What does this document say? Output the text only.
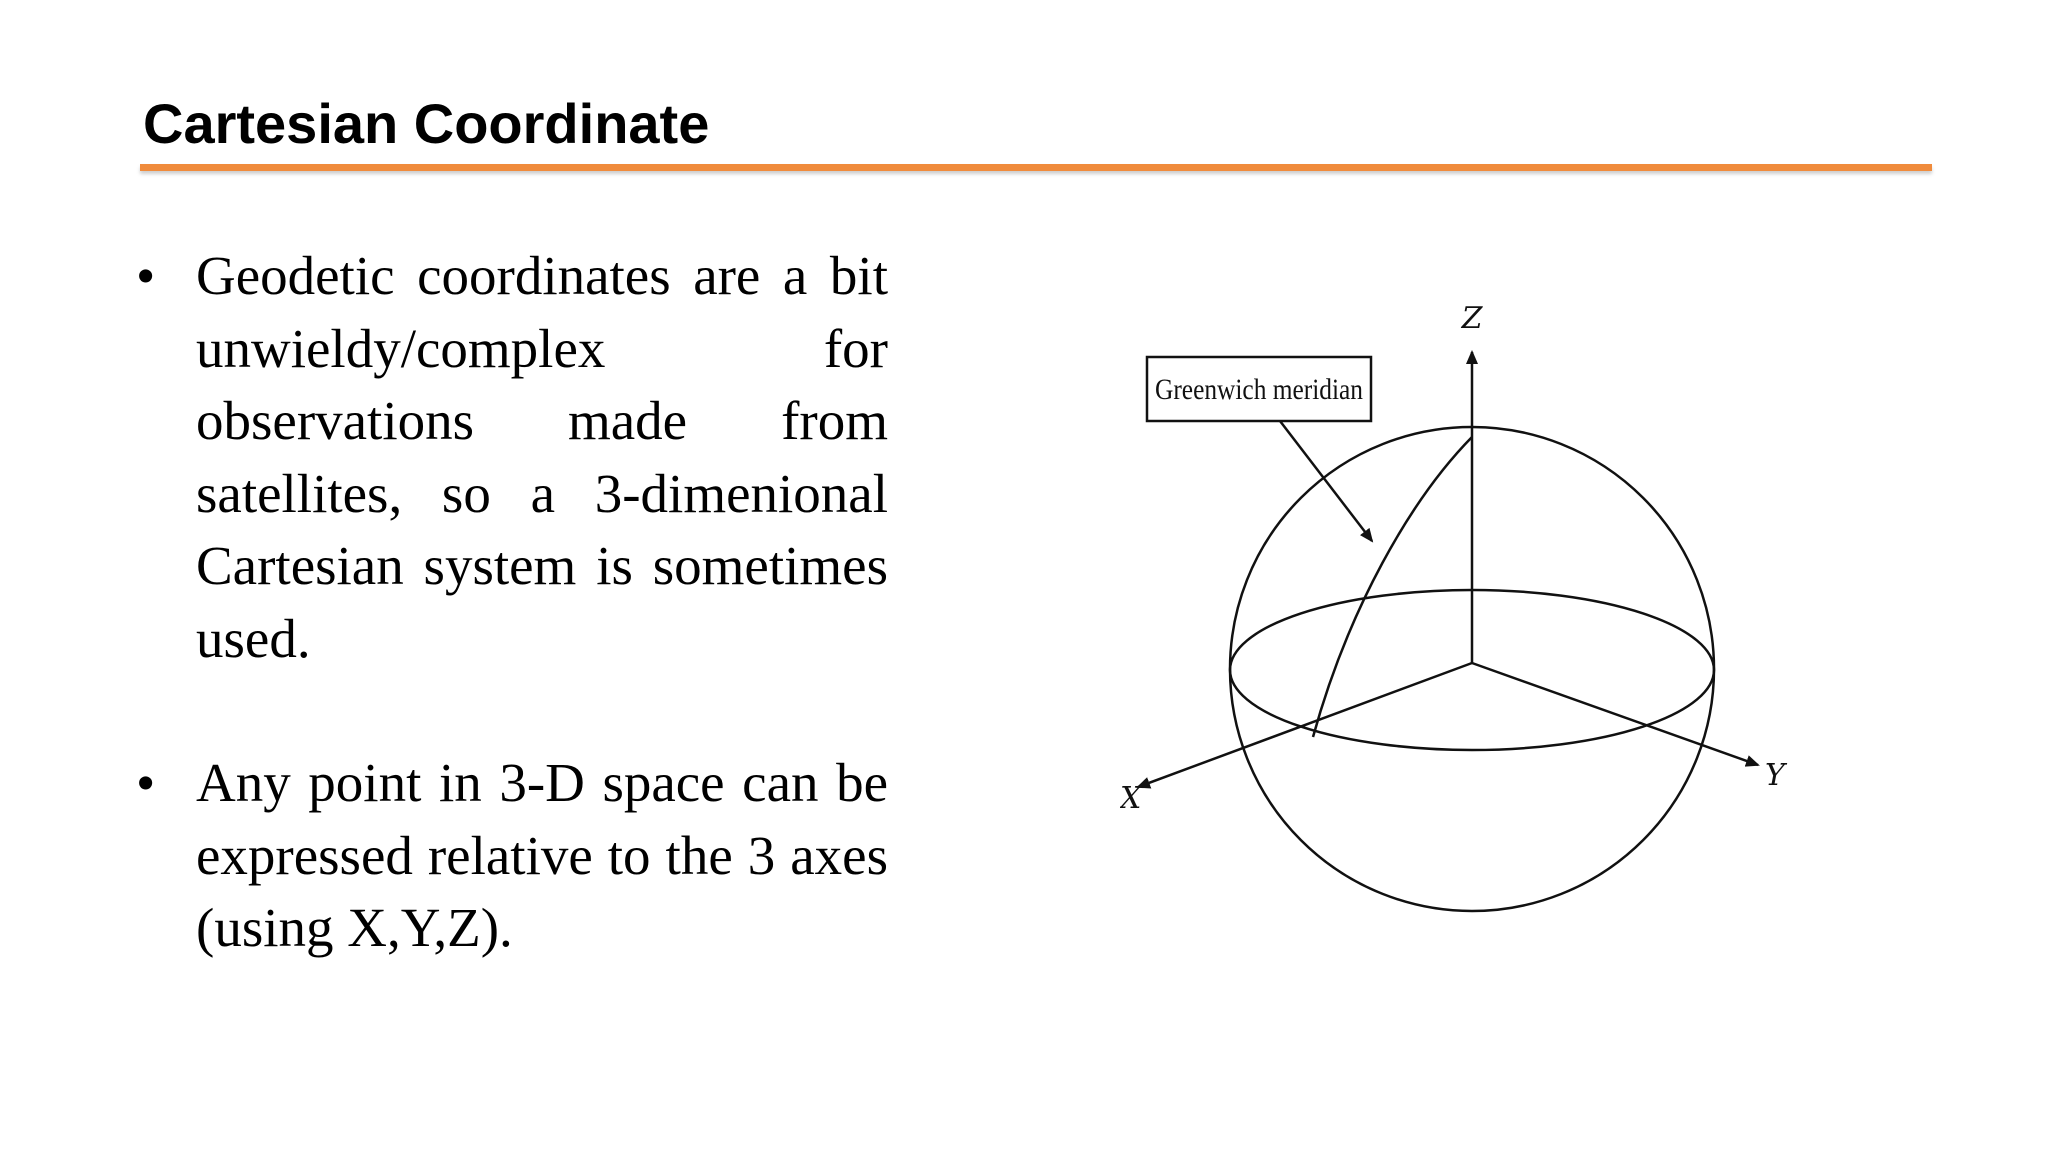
Cartesian Coordinate
• Geodetic coordinates are a bit unwieldy/complex for observations made from satellites, so a 3-dimenional Cartesian system is sometimes used.
• Any point in 3-D space can be expressed relative to the 3 axes (using X,Y,Z).
Greenwich meridian
Z
X
Y
